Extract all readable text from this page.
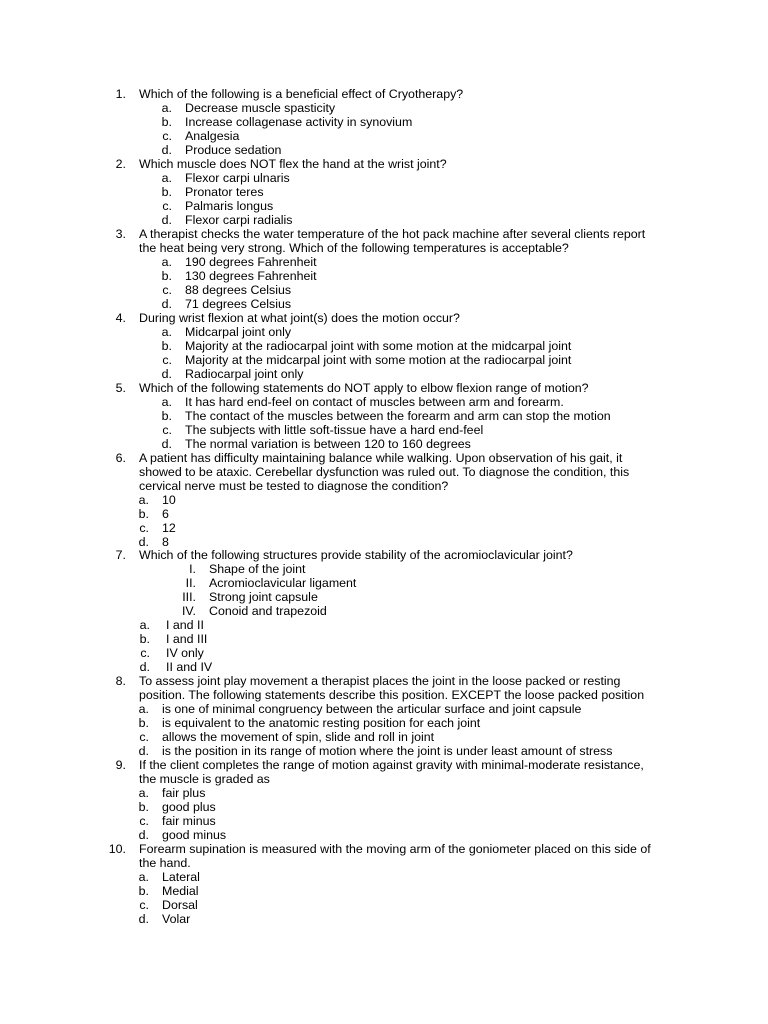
1. Which of the following is a beneficial effect of Cryotherapy?
a. Decrease muscle spasticity
b. Increase collagenase activity in synovium
c. Analgesia
d. Produce sedation
2. Which muscle does NOT flex the hand at the wrist joint?
a. Flexor carpi ulnaris
b. Pronator teres
c. Palmaris longus
d. Flexor carpi radialis
3. A therapist checks the water temperature of the hot pack machine after several clients report
the heat being very strong. Which of the following temperatures is acceptable?
a. 190 degrees Fahrenheit
b. 130 degrees Fahrenheit
c. 88 degrees Celsius
d. 71 degrees Celsius
4. During wrist flexion at what joint(s) does the motion occur?
a. Midcarpal joint only
b. Majority at the radiocarpal joint with some motion at the midcarpal joint
c. Majority at the midcarpal joint with some motion at the radiocarpal joint
d. Radiocarpal joint only
5. Which of the following statements do NOT apply to elbow flexion range of motion?
a. It has hard end-feel on contact of muscles between arm and forearm.
b. The contact of the muscles between the forearm and arm can stop the motion
c. The subjects with little soft-tissue have a hard end-feel
d. The normal variation is between 120 to 160 degrees
6. A patient has difficulty maintaining balance while walking. Upon observation of his gait, it
showed to be ataxic. Cerebellar dysfunction was ruled out. To diagnose the condition, this
cervical nerve must be tested to diagnose the condition?
a. 10
b. 6
c. 12
d. 8
7. Which of the following structures provide stability of the acromioclavicular joint?
I. Shape of the joint
II. Acromioclavicular ligament
III. Strong joint capsule
IV. Conoid and trapezoid
a. I and II
b. I and III
c. IV only
d. II and IV
8. To assess joint play movement a therapist places the joint in the loose packed or resting
position. The following statements describe this position. EXCEPT the loose packed position
a. is one of minimal congruency between the articular surface and joint capsule
b. is equivalent to the anatomic resting position for each joint
c. allows the movement of spin, slide and roll in joint
d. is the position in its range of motion where the joint is under least amount of stress
9. If the client completes the range of motion against gravity with minimal-moderate resistance,
the muscle is graded as
a. fair plus
b. good plus
c. fair minus
d. good minus
10. Forearm supination is measured with the moving arm of the goniometer placed on this side of
the hand.
a. Lateral
b. Medial
c. Dorsal
d. Volar
